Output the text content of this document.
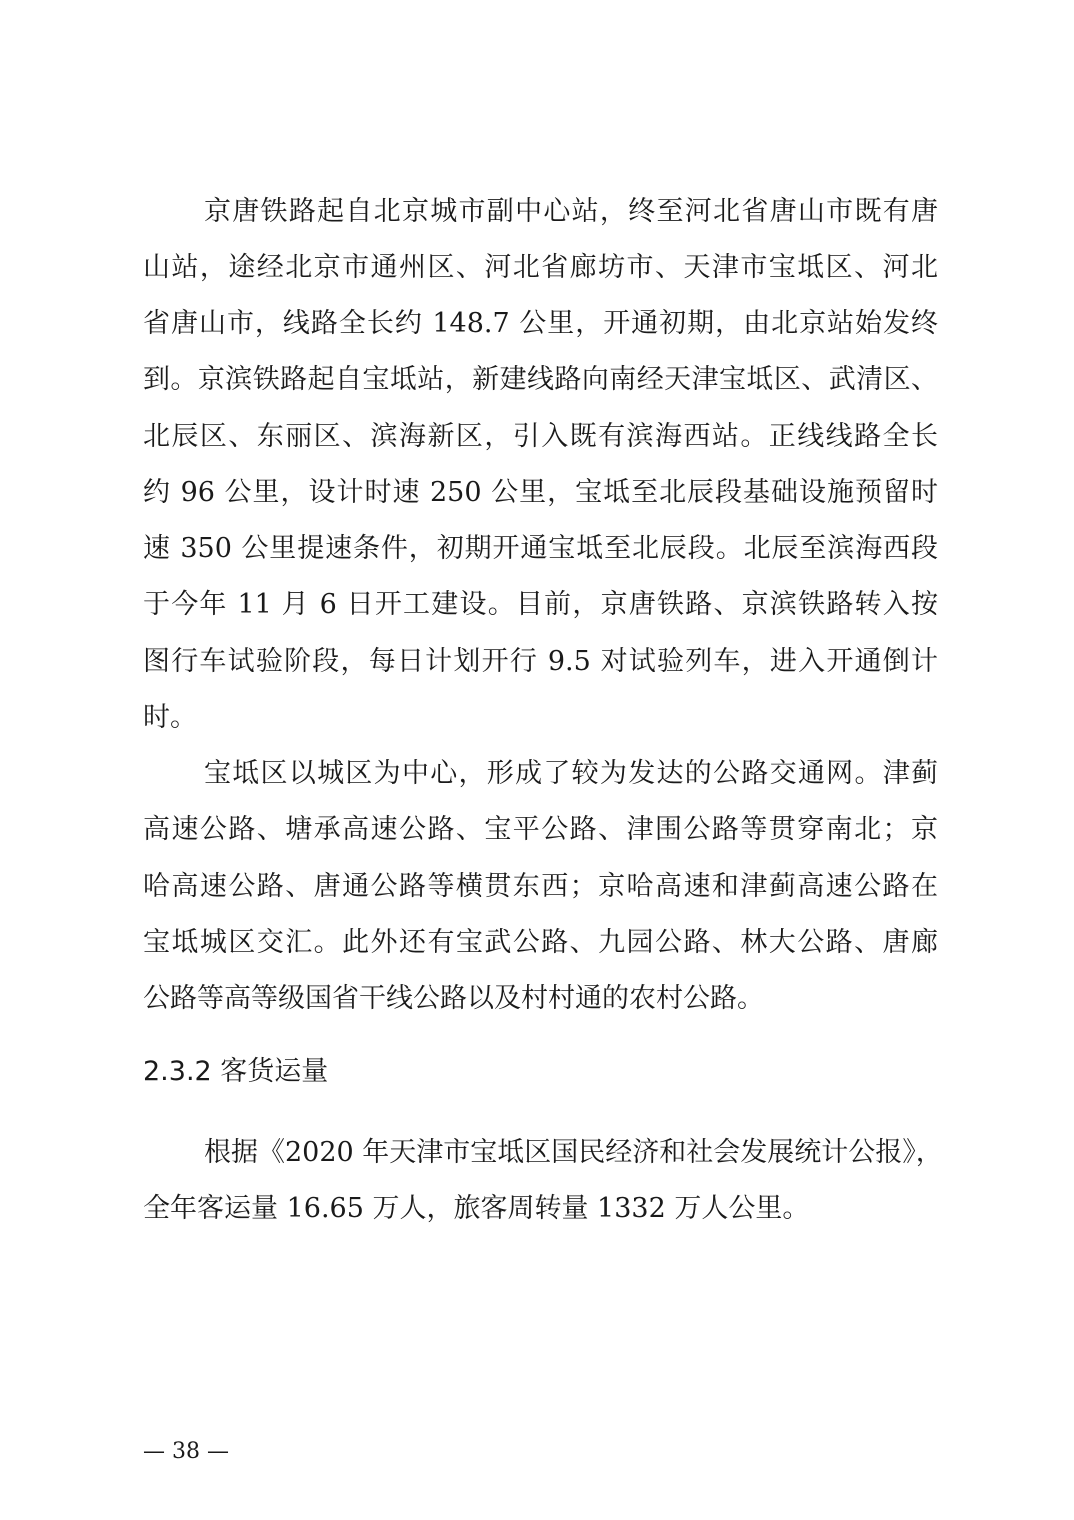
京唐铁路起自北京城市副中心站，终至河北省唐山市既有唐
山站，途经北京市通州区、河北省廊坊市、天津市宝坻区、河北
省唐山市，线路全长约 148.7 公里，开通初期，由北京站始发终
到。京滨铁路起自宝坻站，新建线路向南经天津宝坻区、武清区、
北辰区、东丽区、滨海新区，引入既有滨海西站。正线线路全长
约 96 公里，设计时速 250 公里，宝坻至北辰段基础设施预留时
速 350 公里提速条件，初期开通宝坻至北辰段。北辰至滨海西段
于今年 11 月 6 日开工建设。目前，京唐铁路、京滨铁路转入按
图行车试验阶段，每日计划开行 9.5 对试验列车，进入开通倒计
时。
宝坻区以城区为中心，形成了较为发达的公路交通网。津蓟
高速公路、塘承高速公路、宝平公路、津围公路等贯穿南北；京
哈高速公路、唐通公路等横贯东西；京哈高速和津蓟高速公路在
宝坻城区交汇。此外还有宝武公路、九园公路、林大公路、唐廊
公路等高等级国省干线公路以及村村通的农村公路。
2.3.2 客货运量
根据《2020 年天津市宝坻区国民经济和社会发展统计公报》，
全年客运量 16.65 万人，旅客周转量 1332 万人公里。
— 38 —
